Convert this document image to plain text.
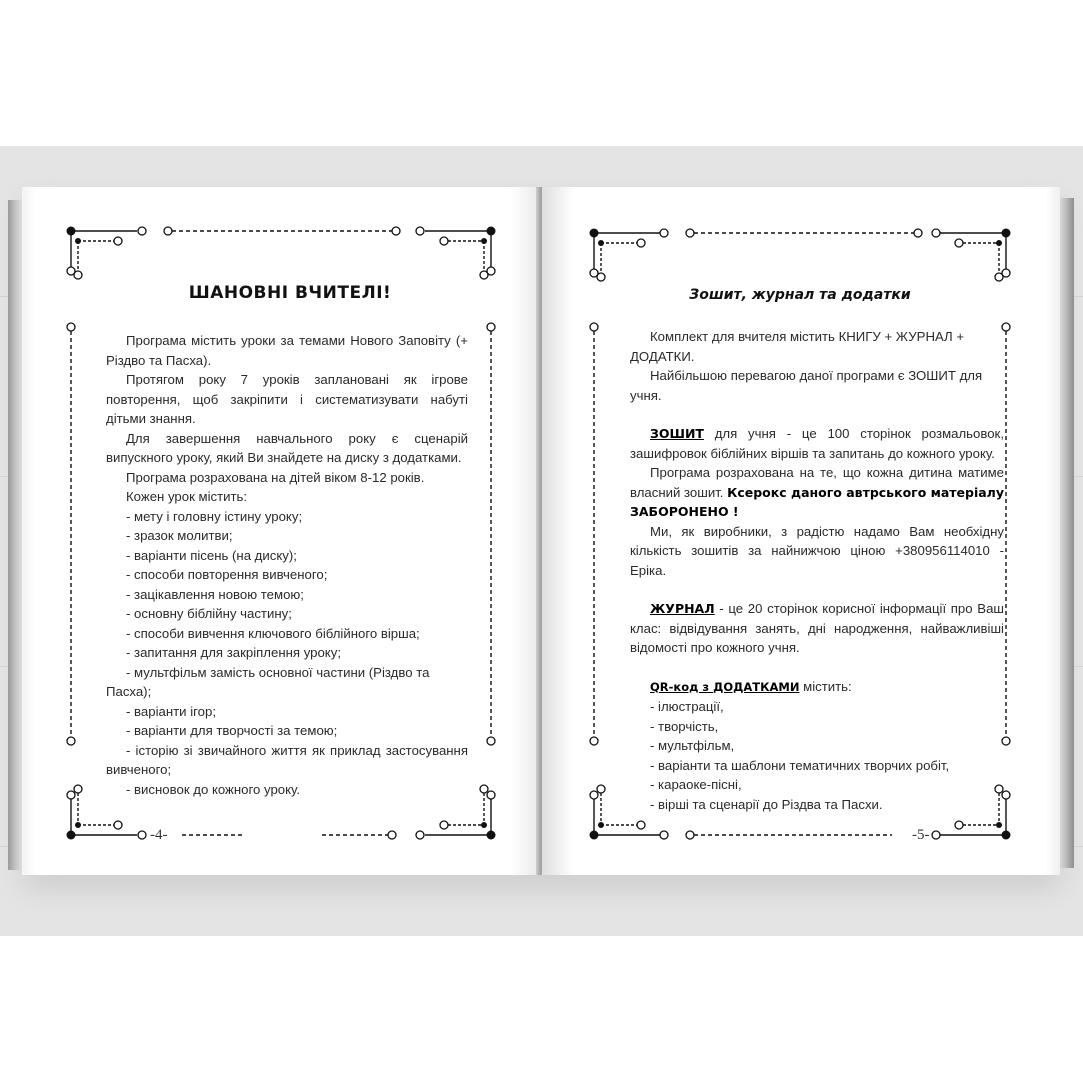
ШАНОВНІ ВЧИТЕЛІ!

Програма містить уроки за темами Нового Заповіту (+ Різдво та Пасха).

Протягом року 7 уроків заплановані як ігрове повторення, щоб закріпити і систематизувати набуті дітьми знання.

Для завершення навчального року є сценарій випускного уроку, який Ви знайдете на диску з додатками.

Програма розрахована на дітей віком 8-12 років.

Кожен урок містить:

- мету і головну істину уроку;

- зразок молитви;

- варіанти пісень (на диску);

- способи повторення вивченого;

- зацікавлення новою темою;

- основну біблійну частину;

- способи вивчення ключового біблійного вірша;

- запитання для закріплення уроку;

- мультфільм замість основної частини (Різдво та Пасха);

- варіанти ігор;

- варіанти для творчості за темою;

- історію зі звичайного життя як приклад застосування вивченого;

- висновок до кожного уроку.

-4-
Зошит, журнал та додатки

Комплект для вчителя містить КНИГУ + ЖУРНАЛ + ДОДАТКИ.

Найбільшою перевагою даної програми є ЗОШИТ для учня.

ЗОШИТ для учня - це 100 сторінок розмальовок, зашифровок біблійних віршів та запитань до кожного уроку.

Програма розрахована на те, що кожна дитина матиме власний зошит. Ксерокс даного автрського матеріалу ЗАБОРОНЕНО !

Ми, як виробники, з радістю надамо Вам необхідну кількість зошитів за найнижчою ціною +380956114010 - Еріка.

ЖУРНАЛ - це 20 сторінок корисної інформації про Ваш клас: відвідування занять, дні народження, найважливіші відомості про кожного учня.

QR-код з ДОДАТКАМИ містить:

- ілюстрації,

- творчість,

- мультфільм,

- варіанти та шаблони тематичних творчих робіт,

- караоке-пісні,

- вірші та сценарії до Різдва та Пасхи.

-5-
